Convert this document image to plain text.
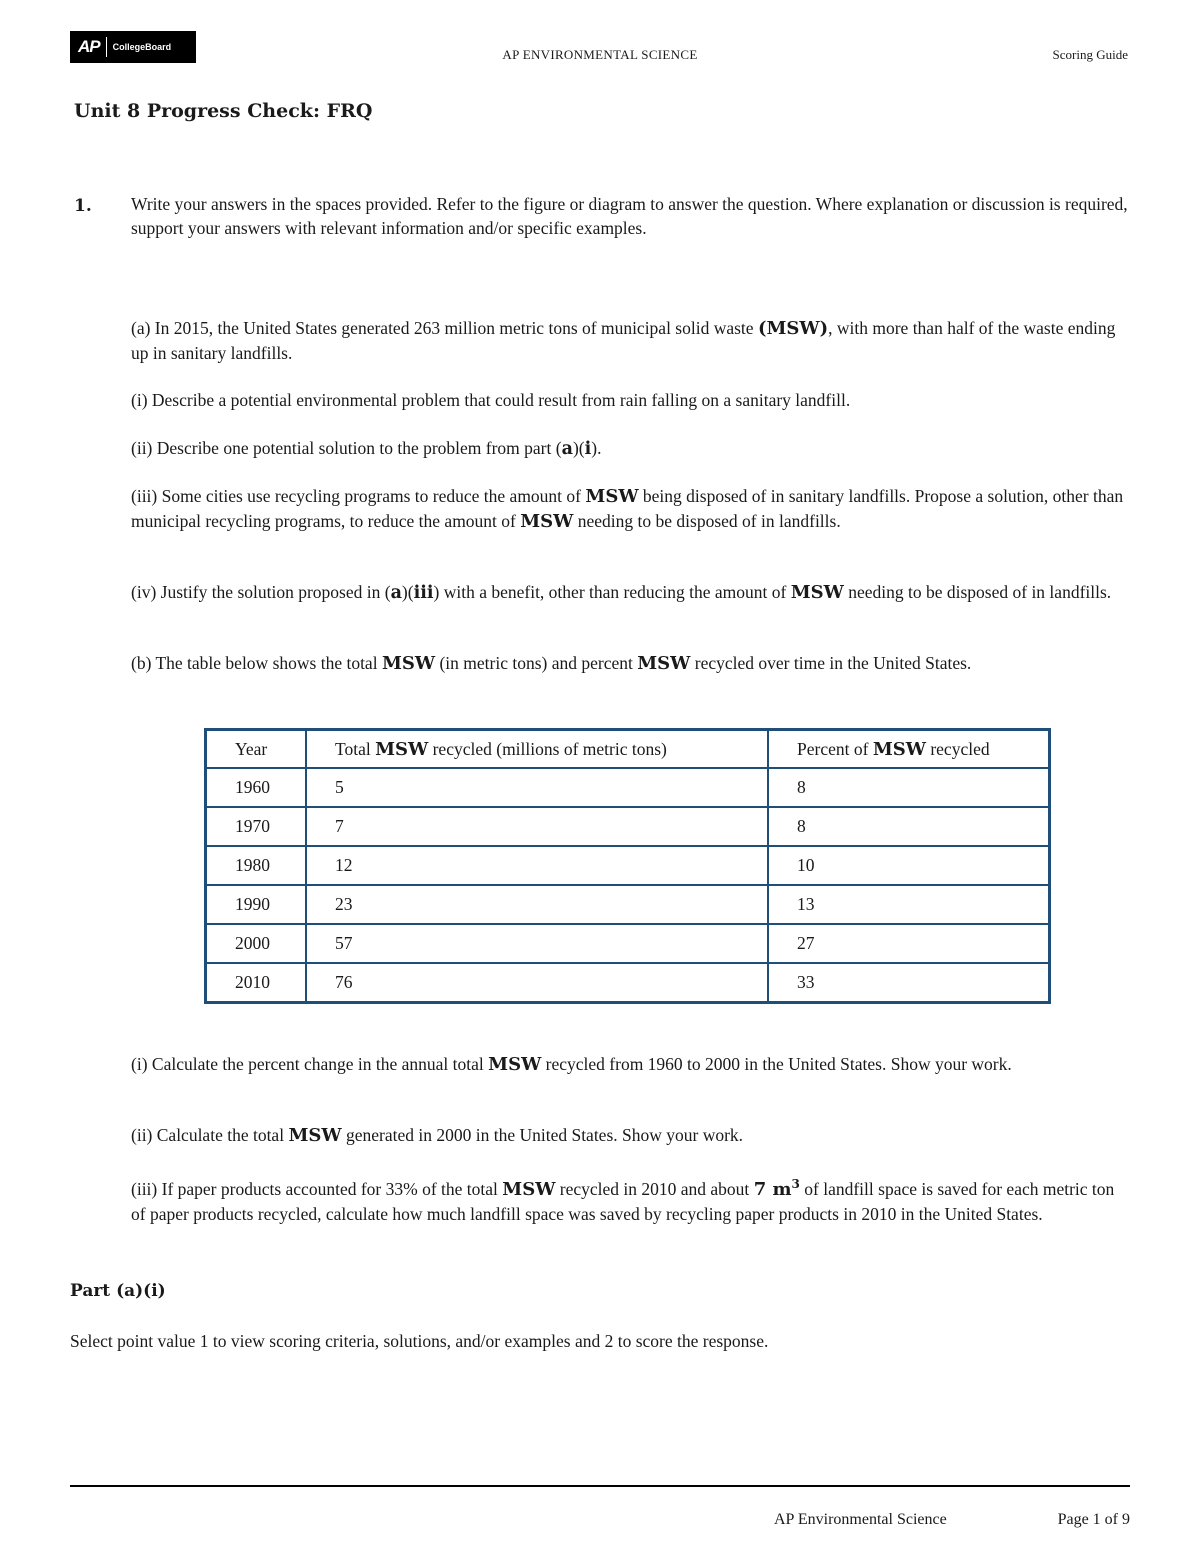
AP	CollegeBoard	AP ENVIRONMENTAL SCIENCE	Scoring Guide
Unit 8 Progress Check: FRQ
1. Write your answers in the spaces provided. Refer to the figure or diagram to answer the question. Where explanation or discussion is required, support your answers with relevant information and/or specific examples.

(a) In 2015, the United States generated 263 million metric tons of municipal solid waste (MSW), with more than half of the waste ending up in sanitary landfills.

(i) Describe a potential environmental problem that could result from rain falling on a sanitary landfill.

(ii) Describe one potential solution to the problem from part (a)(i).

(iii) Some cities use recycling programs to reduce the amount of MSW being disposed of in sanitary landfills. Propose a solution, other than municipal recycling programs, to reduce the amount of MSW needing to be disposed of in landfills.

(iv) Justify the solution proposed in (a)(iii) with a benefit, other than reducing the amount of MSW needing to be disposed of in landfills.

(b) The table below shows the total MSW (in metric tons) and percent MSW recycled over time in the United States.

Year	Total MSW recycled (millions of metric tons)	Percent of MSW recycled
1960	5	8
1970	7	8
1980	12	10
1990	23	13
2000	57	27
2010	76	33

(i) Calculate the percent change in the annual total MSW recycled from 1960 to 2000 in the United States. Show your work.

(ii) Calculate the total MSW generated in 2000 in the United States. Show your work.

(iii) If paper products accounted for 33% of the total MSW recycled in 2010 and about 7 $m^3$ of landfill space is saved for each metric ton of paper products recycled, calculate how much landfill space was saved by recycling paper products in 2010 in the United States.

Part (a)(i)
Select point value 1 to view scoring criteria, solutions, and/or examples and 2 to score the response.
AP Environmental Science	Page 1 of 9
